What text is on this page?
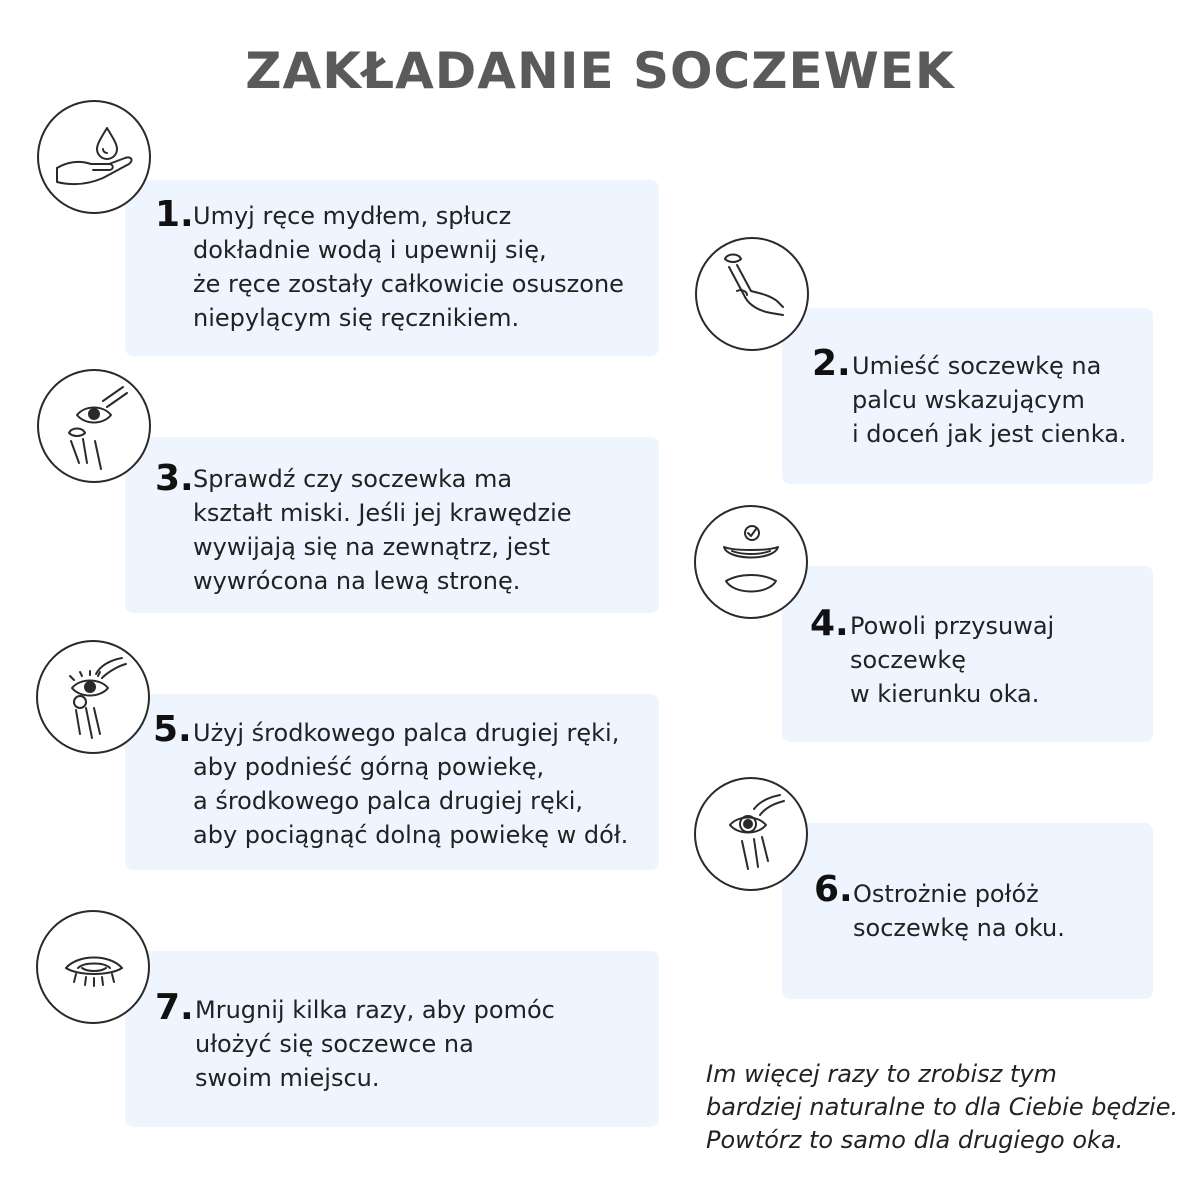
ZAKŁADANIE SOCZEWEK
1. Umyj ręce mydłem, spłucz
dokładnie wodą i upewnij się,
że ręce zostały całkowicie osuszone
niepylącym się ręcznikiem.
2. Umieść soczewkę na
palcu wskazującym
i doceń jak jest cienka.
3. Sprawdź czy soczewka ma
kształt miski. Jeśli jej krawędzie
wywijają się na zewnątrz, jest
wywrócona na lewą stronę.
4. Powoli przysuwaj
soczewkę
w kierunku oka.
5. Użyj środkowego palca drugiej ręki,
aby podnieść górną powiekę,
a środkowego palca drugiej ręki,
aby pociągnąć dolną powiekę w dół.
6. Ostrożnie połóż
soczewkę na oku.
7. Mrugnij kilka razy, aby pomóc
ułożyć się soczewce na
swoim miejscu.	Im więcej razy to zrobisz tym
bardziej naturalne to dla Ciebie będzie.
Powtórz to samo dla drugiego oka.
